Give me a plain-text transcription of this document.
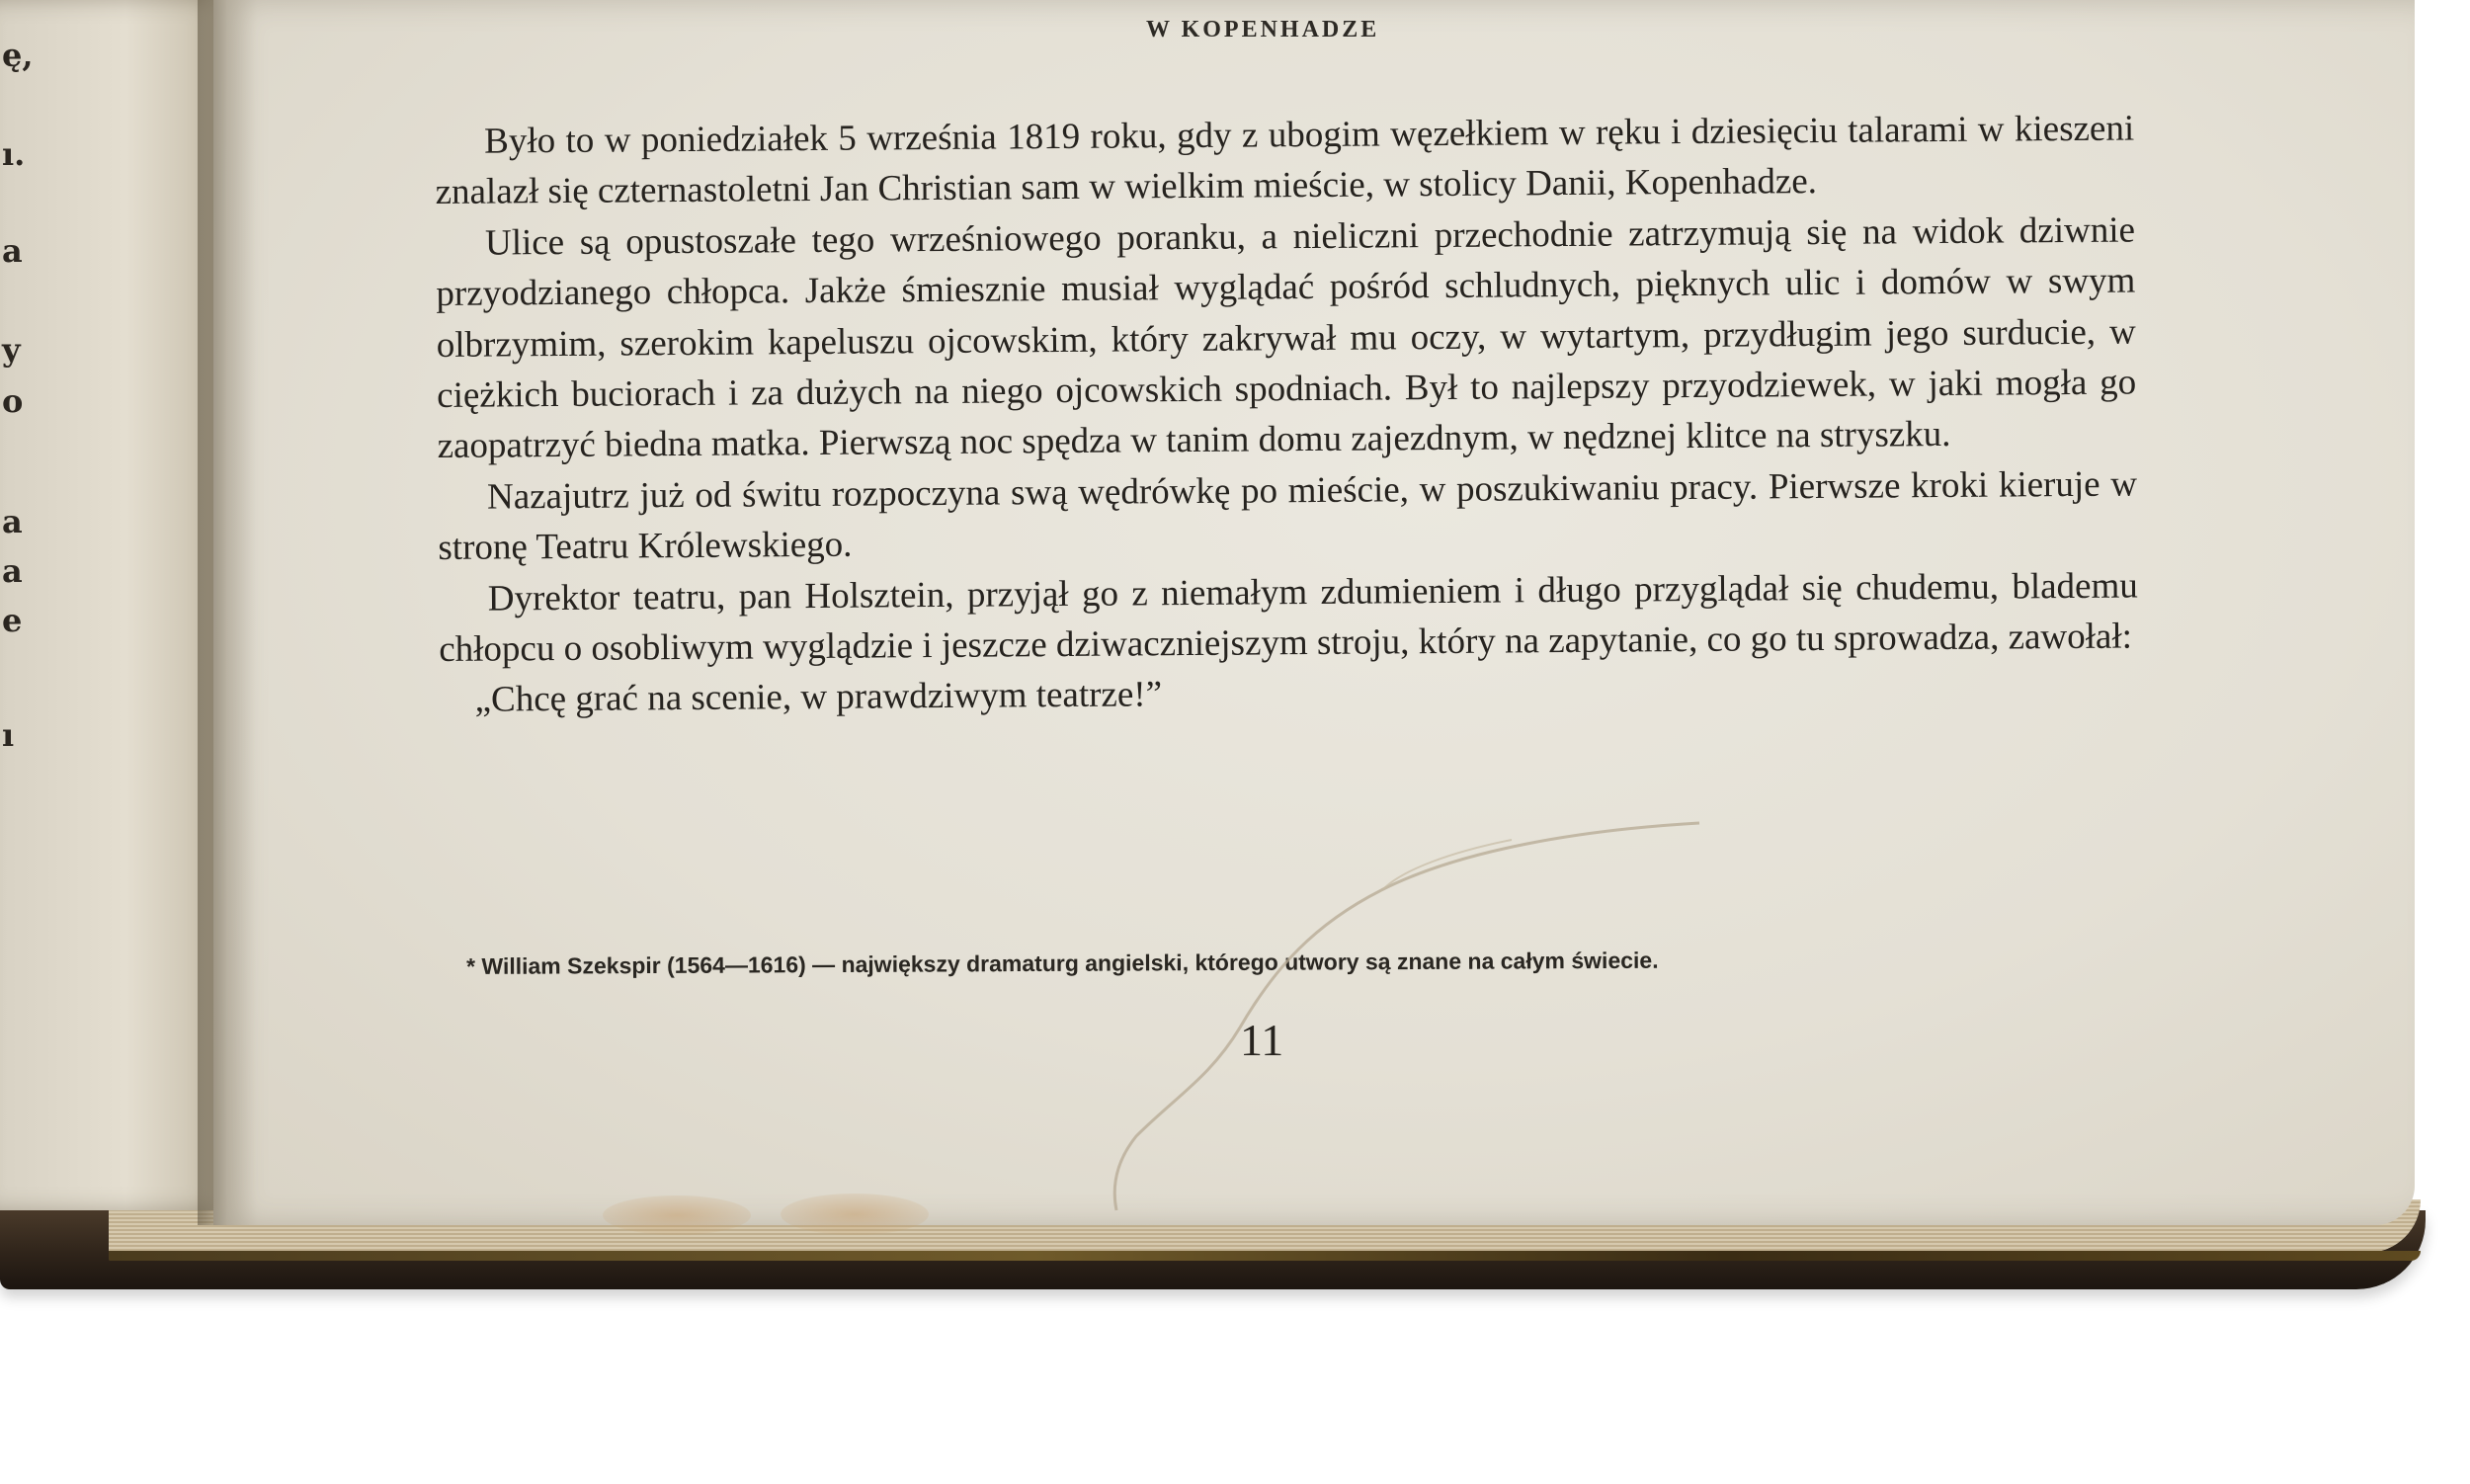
ę,
ı.
a
y
o
a
a
e
ı
W KOPENHADZE

Było to w poniedziałek 5 września 1819 roku, gdy z ubogim węzełkiem w ręku i dziesięciu talarami w kieszeni znalazł się czternastoletni Jan Christian sam w wielkim mieście, w stolicy Danii, Kopenhadze.

Ulice są opustoszałe tego wrześniowego poranku, a nieliczni przechodnie zatrzymują się na widok dziwnie przyodzianego chłopca. Jakże śmiesznie musiał wyglądać pośród schludnych, pięknych ulic i domów w swym olbrzymim, szerokim kapeluszu ojcowskim, który zakrywał mu oczy, w wytartym, przydługim jego surducie, w ciężkich buciorach i za dużych na niego ojcowskich spodniach. Był to najlepszy przyodziewek, w jaki mogła go zaopatrzyć biedna matka. Pierwszą noc spędza w tanim domu zajezdnym, w nędznej klitce na stryszku.

Nazajutrz już od świtu rozpoczyna swą wędrówkę po mieście, w poszukiwaniu pracy. Pierwsze kroki kieruje w stronę Teatru Królewskiego.

Dyrektor teatru, pan Holsztein, przyjął go z niemałym zdumieniem i długo przyglądał się chudemu, blademu chłopcu o osobliwym wyglądzie i jeszcze dziwaczniejszym stroju, który na zapytanie, co go tu sprowadza, zawołał:

„Chcę grać na scenie, w prawdziwym teatrze!”

* William Szekspir (1564—1616) — największy dramaturg angielski, którego utwory są znane na całym świecie.
11
